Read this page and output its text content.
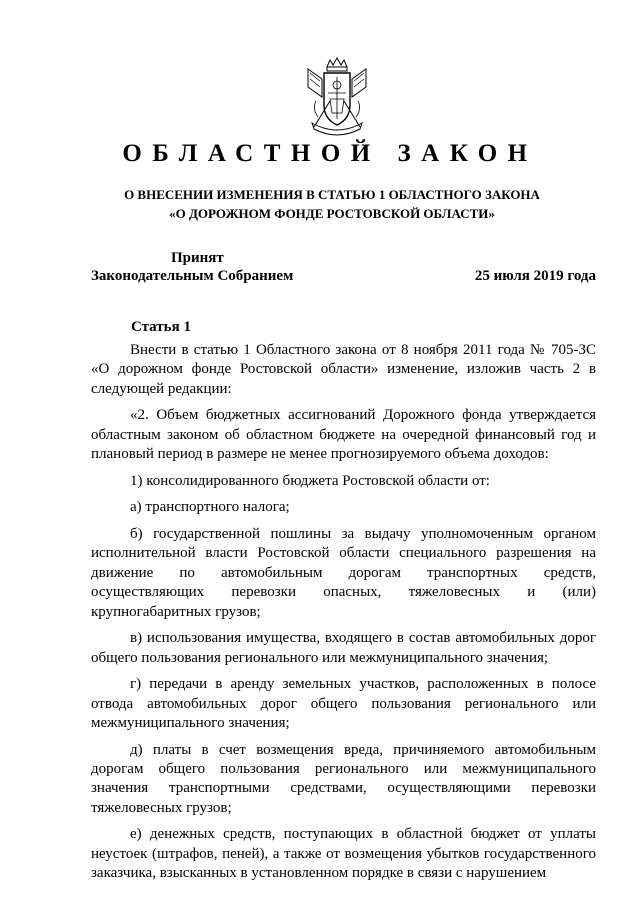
ОБЛАСТНОЙ ЗАКОН
О ВНЕСЕНИИ ИЗМЕНЕНИЯ В СТАТЬЮ 1 ОБЛАСТНОГО ЗАКОНА
«О ДОРОЖНОМ ФОНДЕ РОСТОВСКОЙ ОБЛАСТИ»
Принят
Законодательным Собранием	25 июля 2019 года
Статья 1

Внести в статью 1 Областного закона от 8 ноября 2011 года № 705-ЗС «О дорожном фонде Ростовской области» изменение, изложив часть 2 в следующей редакции:

«2. Объем бюджетных ассигнований Дорожного фонда утверждается областным законом об областном бюджете на очередной финансовый год и плановый период в размере не менее прогнозируемого объема доходов:

1) консолидированного бюджета Ростовской области от:

а) транспортного налога;

б) государственной пошлины за выдачу уполномоченным органом исполнительной власти Ростовской области специального разрешения на движение по автомобильным дорогам транспортных средств, осуществляющих перевозки опасных, тяжеловесных и (или) крупногабаритных грузов;

в) использования имущества, входящего в состав автомобильных дорог общего пользования регионального или межмуниципального значения;

г) передачи в аренду земельных участков, расположенных в полосе отвода автомобильных дорог общего пользования регионального или межмуниципального значения;

д) платы в счет возмещения вреда, причиняемого автомобильным дорогам общего пользования регионального или межмуниципального значения транспортными средствами, осуществляющими перевозки тяжеловесных грузов;

е) денежных средств, поступающих в областной бюджет от уплаты неустоек (штрафов, пеней), а также от возмещения убытков государственного заказчика, взысканных в установленном порядке в связи с нарушением
